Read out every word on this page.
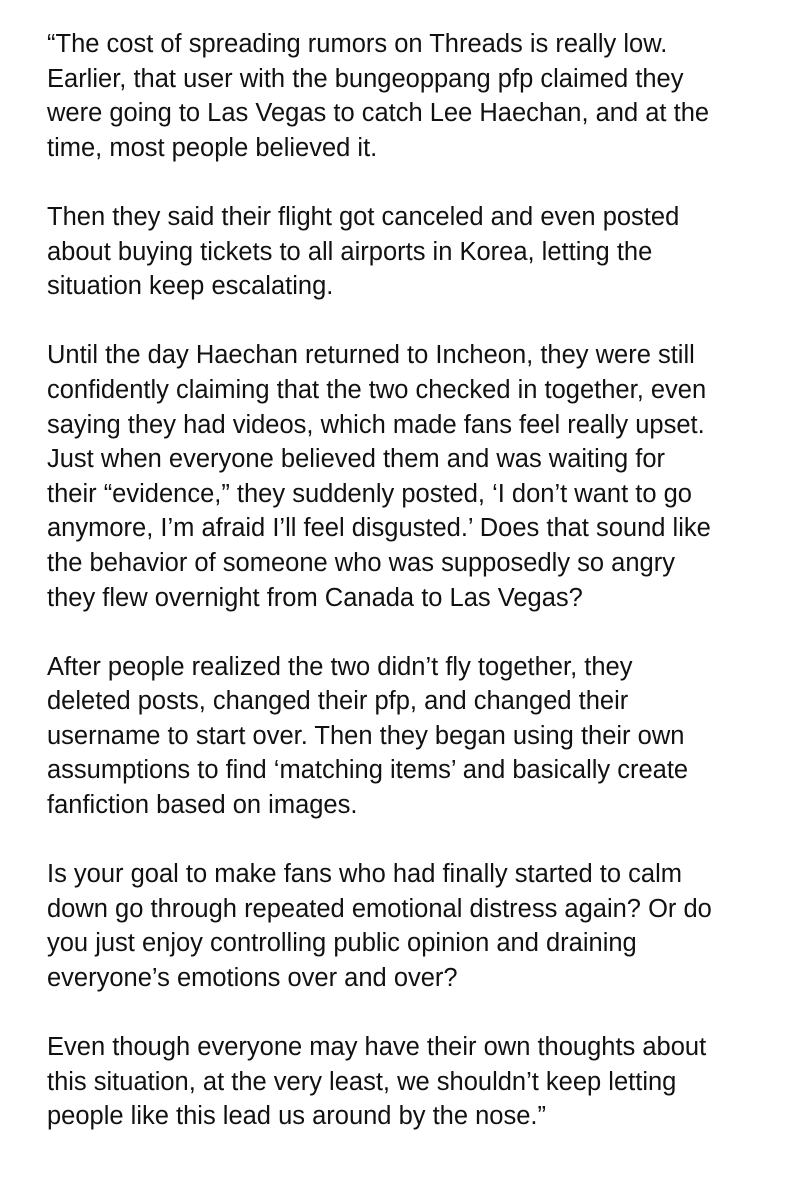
“The cost of spreading rumors on Threads is really low.
Earlier, that user with the bungeoppang pfp claimed they
were going to Las Vegas to catch Lee Haechan, and at the
time, most people believed it.

Then they said their flight got canceled and even posted
about buying tickets to all airports in Korea, letting the
situation keep escalating.

Until the day Haechan returned to Incheon, they were still
confidently claiming that the two checked in together, even
saying they had videos, which made fans feel really upset.
Just when everyone believed them and was waiting for
their “evidence,” they suddenly posted, ‘I don’t want to go
anymore, I’m afraid I’ll feel disgusted.’ Does that sound like
the behavior of someone who was supposedly so angry
they flew overnight from Canada to Las Vegas?

After people realized the two didn’t fly together, they
deleted posts, changed their pfp, and changed their
username to start over. Then they began using their own
assumptions to find ‘matching items’ and basically create
fanfiction based on images.

Is your goal to make fans who had finally started to calm
down go through repeated emotional distress again? Or do
you just enjoy controlling public opinion and draining
everyone’s emotions over and over?

Even though everyone may have their own thoughts about
this situation, at the very least, we shouldn’t keep letting
people like this lead us around by the nose.”
